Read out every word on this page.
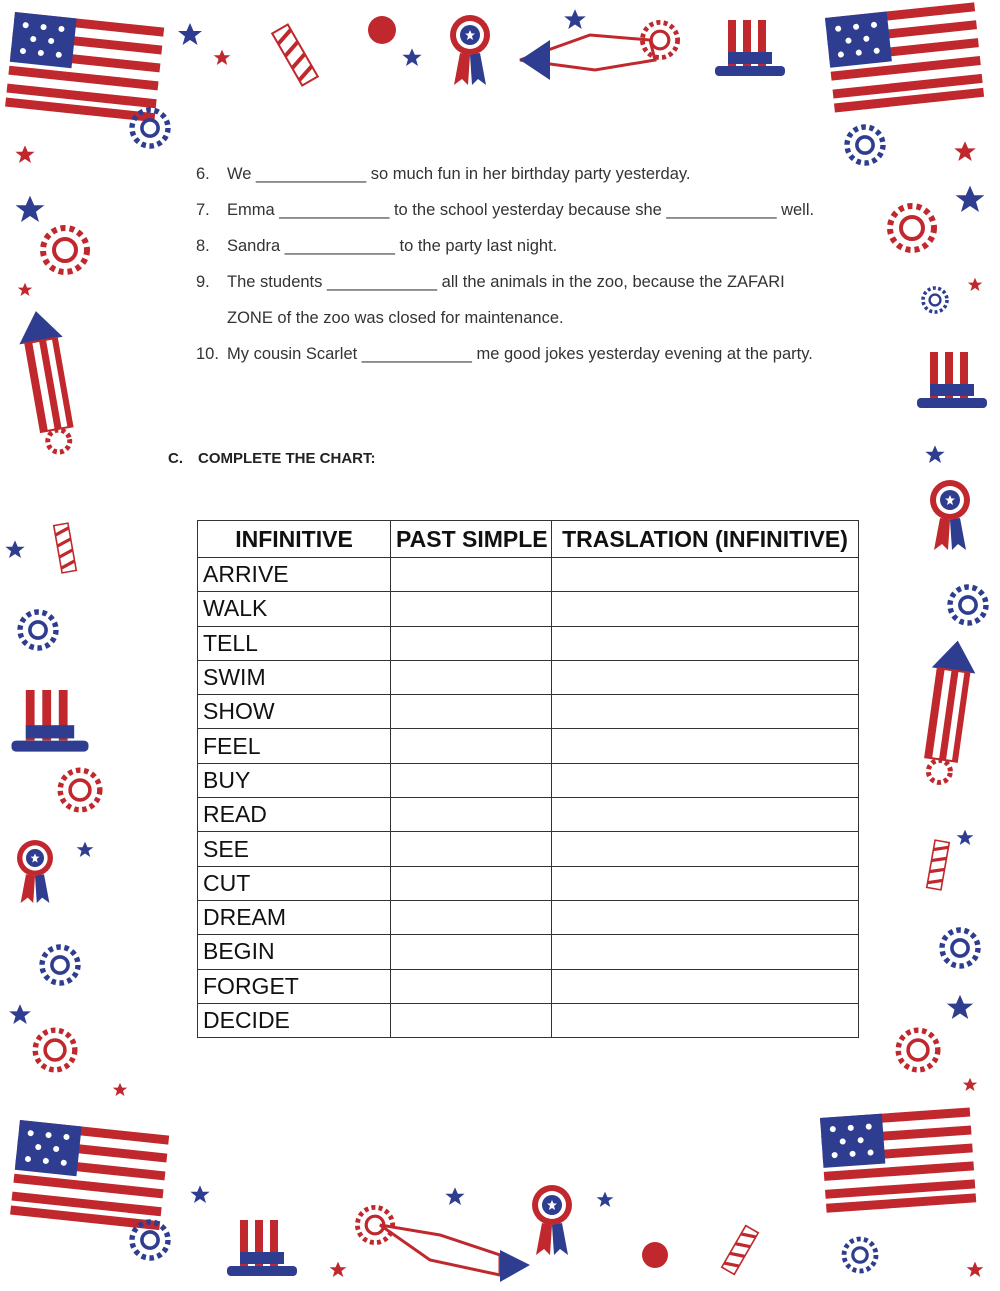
6. We ____________ so much fun in her birthday party yesterday.
7. Emma ____________ to the school yesterday because she ____________ well.
8. Sandra ____________ to the party last night.
9. The students ____________ all the animals in the zoo, because the ZAFARI ZONE of the zoo was closed for maintenance.
10. My cousin Scarlet ____________ me good jokes yesterday evening at the party.
C. COMPLETE THE CHART:
INFINITIVE	PAST SIMPLE	TRASLATION (INFINITIVE)
ARRIVE		
WALK		
TELL		
SWIM		
SHOW		
FEEL		
BUY		
READ		
SEE		
CUT		
DREAM		
BEGIN		
FORGET		
DECIDE		
